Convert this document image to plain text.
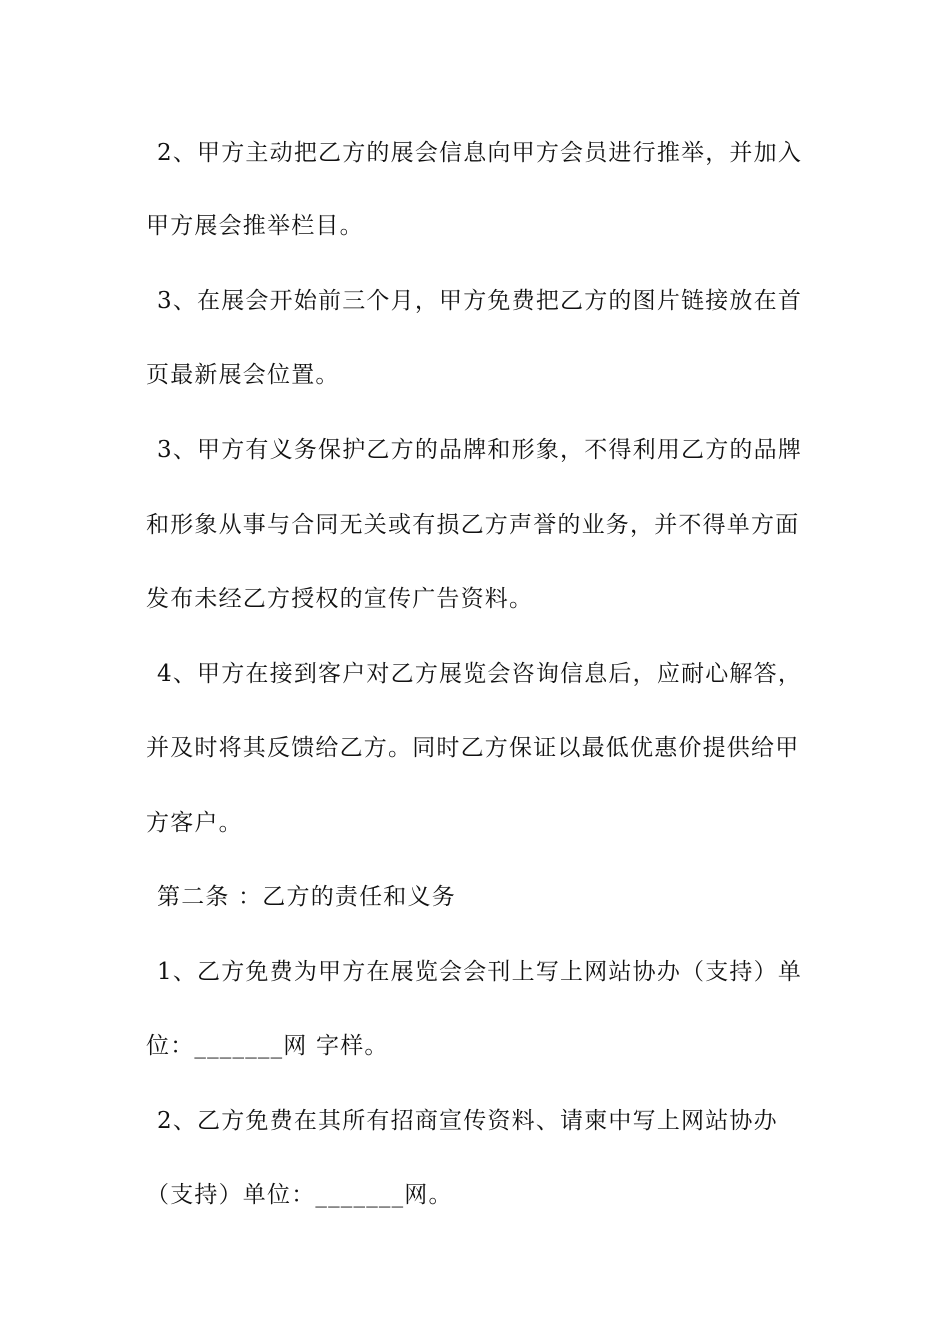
2、甲方主动把乙方的展会信息向甲方会员进行推举，并加入
甲方展会推举栏目。
3、在展会开始前三个月，甲方免费把乙方的图片链接放在首
页最新展会位置。
3、甲方有义务保护乙方的品牌和形象，不得利用乙方的品牌
和形象从事与合同无关或有损乙方声誉的业务，并不得单方面
发布未经乙方授权的宣传广告资料。
4、甲方在接到客户对乙方展览会咨询信息后，应耐心解答，
并及时将其反馈给乙方。同时乙方保证以最低优惠价提供给甲
方客户。
第二条 ：乙方的责任和义务
1、乙方免费为甲方在展览会会刊上写上网站协办（支持）单
位：_______网 字样。
2、乙方免费在其所有招商宣传资料、请柬中写上网站协办
（支持）单位：_______网。
